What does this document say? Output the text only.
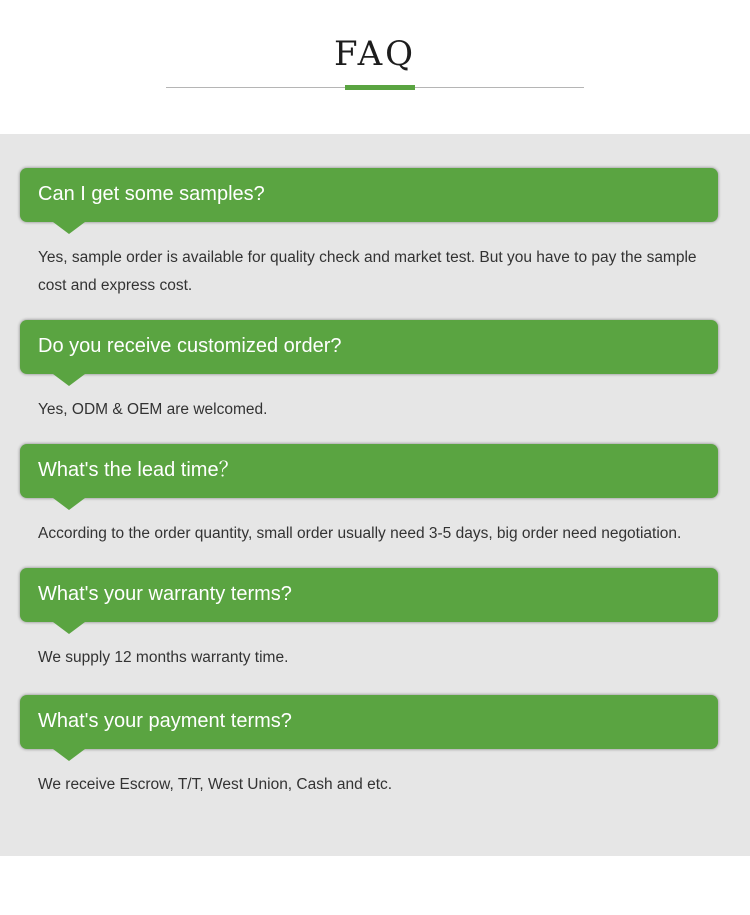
FAQ
Can I get some samples?
Yes, sample order is available for quality check and market test. But you have to pay the sample cost and express cost.
Do you receive customized order?
Yes, ODM & OEM are welcomed.
What's the lead time？
According to the order quantity, small order usually need 3-5 days, big order need negotiation.
What's your warranty terms?
We supply 12 months warranty time.
What's your payment terms?
We receive Escrow, T/T, West Union, Cash and etc.
